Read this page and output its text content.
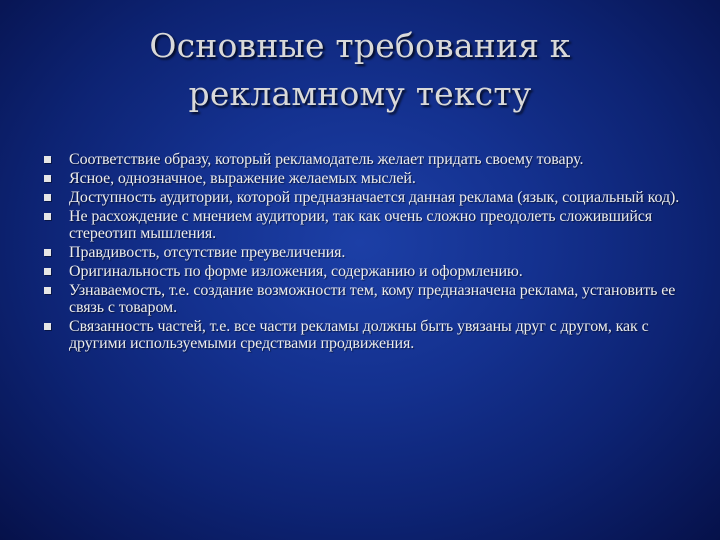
Основные требования к
рекламному тексту
Соответствие образу, который рекламодатель желает придать своему товару.
Ясное, однозначное, выражение желаемых мыслей.
Доступность аудитории, которой предназначается данная реклама (язык, социальный код).
Не расхождение с мнением аудитории, так как очень сложно преодолеть сложившийся стереотип мышления.
Правдивость, отсутствие преувеличения.
Оригинальность по форме изложения, содержанию и оформлению.
Узнаваемость, т.е. создание возможности тем, кому предназначена реклама, установить ее связь с товаром.
Связанность частей, т.е. все части рекламы должны быть увязаны друг с другом, как с другими используемыми средствами продвижения.
